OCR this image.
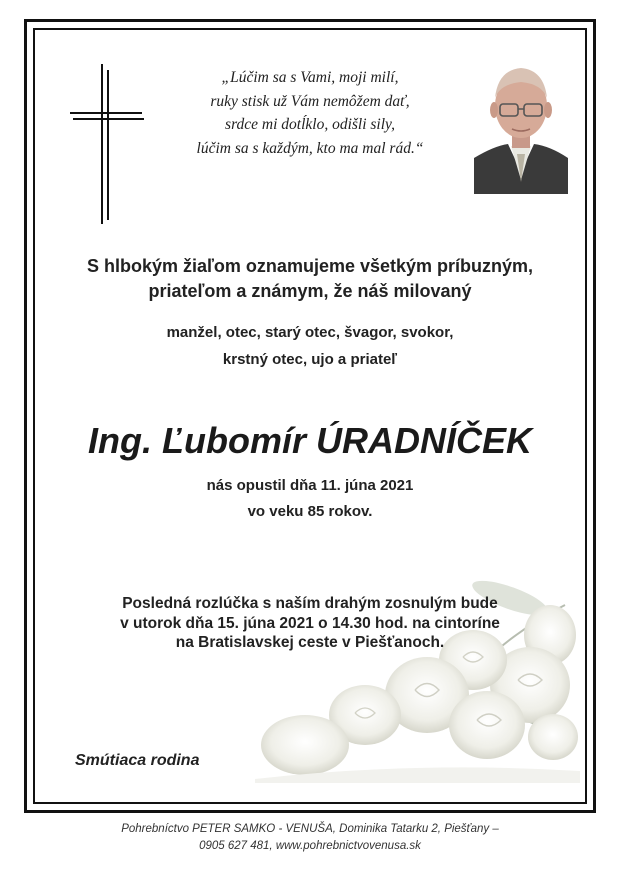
„Lúčim sa s Vami, moji milí,
ruky stisk už Vám nemôžem dať,
srdce mi dotĺklo, odišli sily,
lúčim sa s každým, kto ma mal rád.“
S hlbokým žiaľom oznamujeme všetkým príbuzným,
priateľom a známym, že náš milovaný
manžel, otec, starý otec, švagor, svokor,
krstný otec, ujo a priateľ
Ing. Ľubomír ÚRADNÍČEK
nás opustil dňa 11. júna 2021
vo veku 85 rokov.
Posledná rozlúčka s naším drahým zosnulým bude
v utorok dňa 15. júna 2021 o 14.30 hod. na cintoríne
na Bratislavskej ceste v Piešťanoch.
Smútiaca rodina
Pohrebníctvo PETER SAMKO - VENUŠA, Dominika Tatarku 2, Piešťany –
0905 627 481, www.pohrebnictvovenusa.sk
